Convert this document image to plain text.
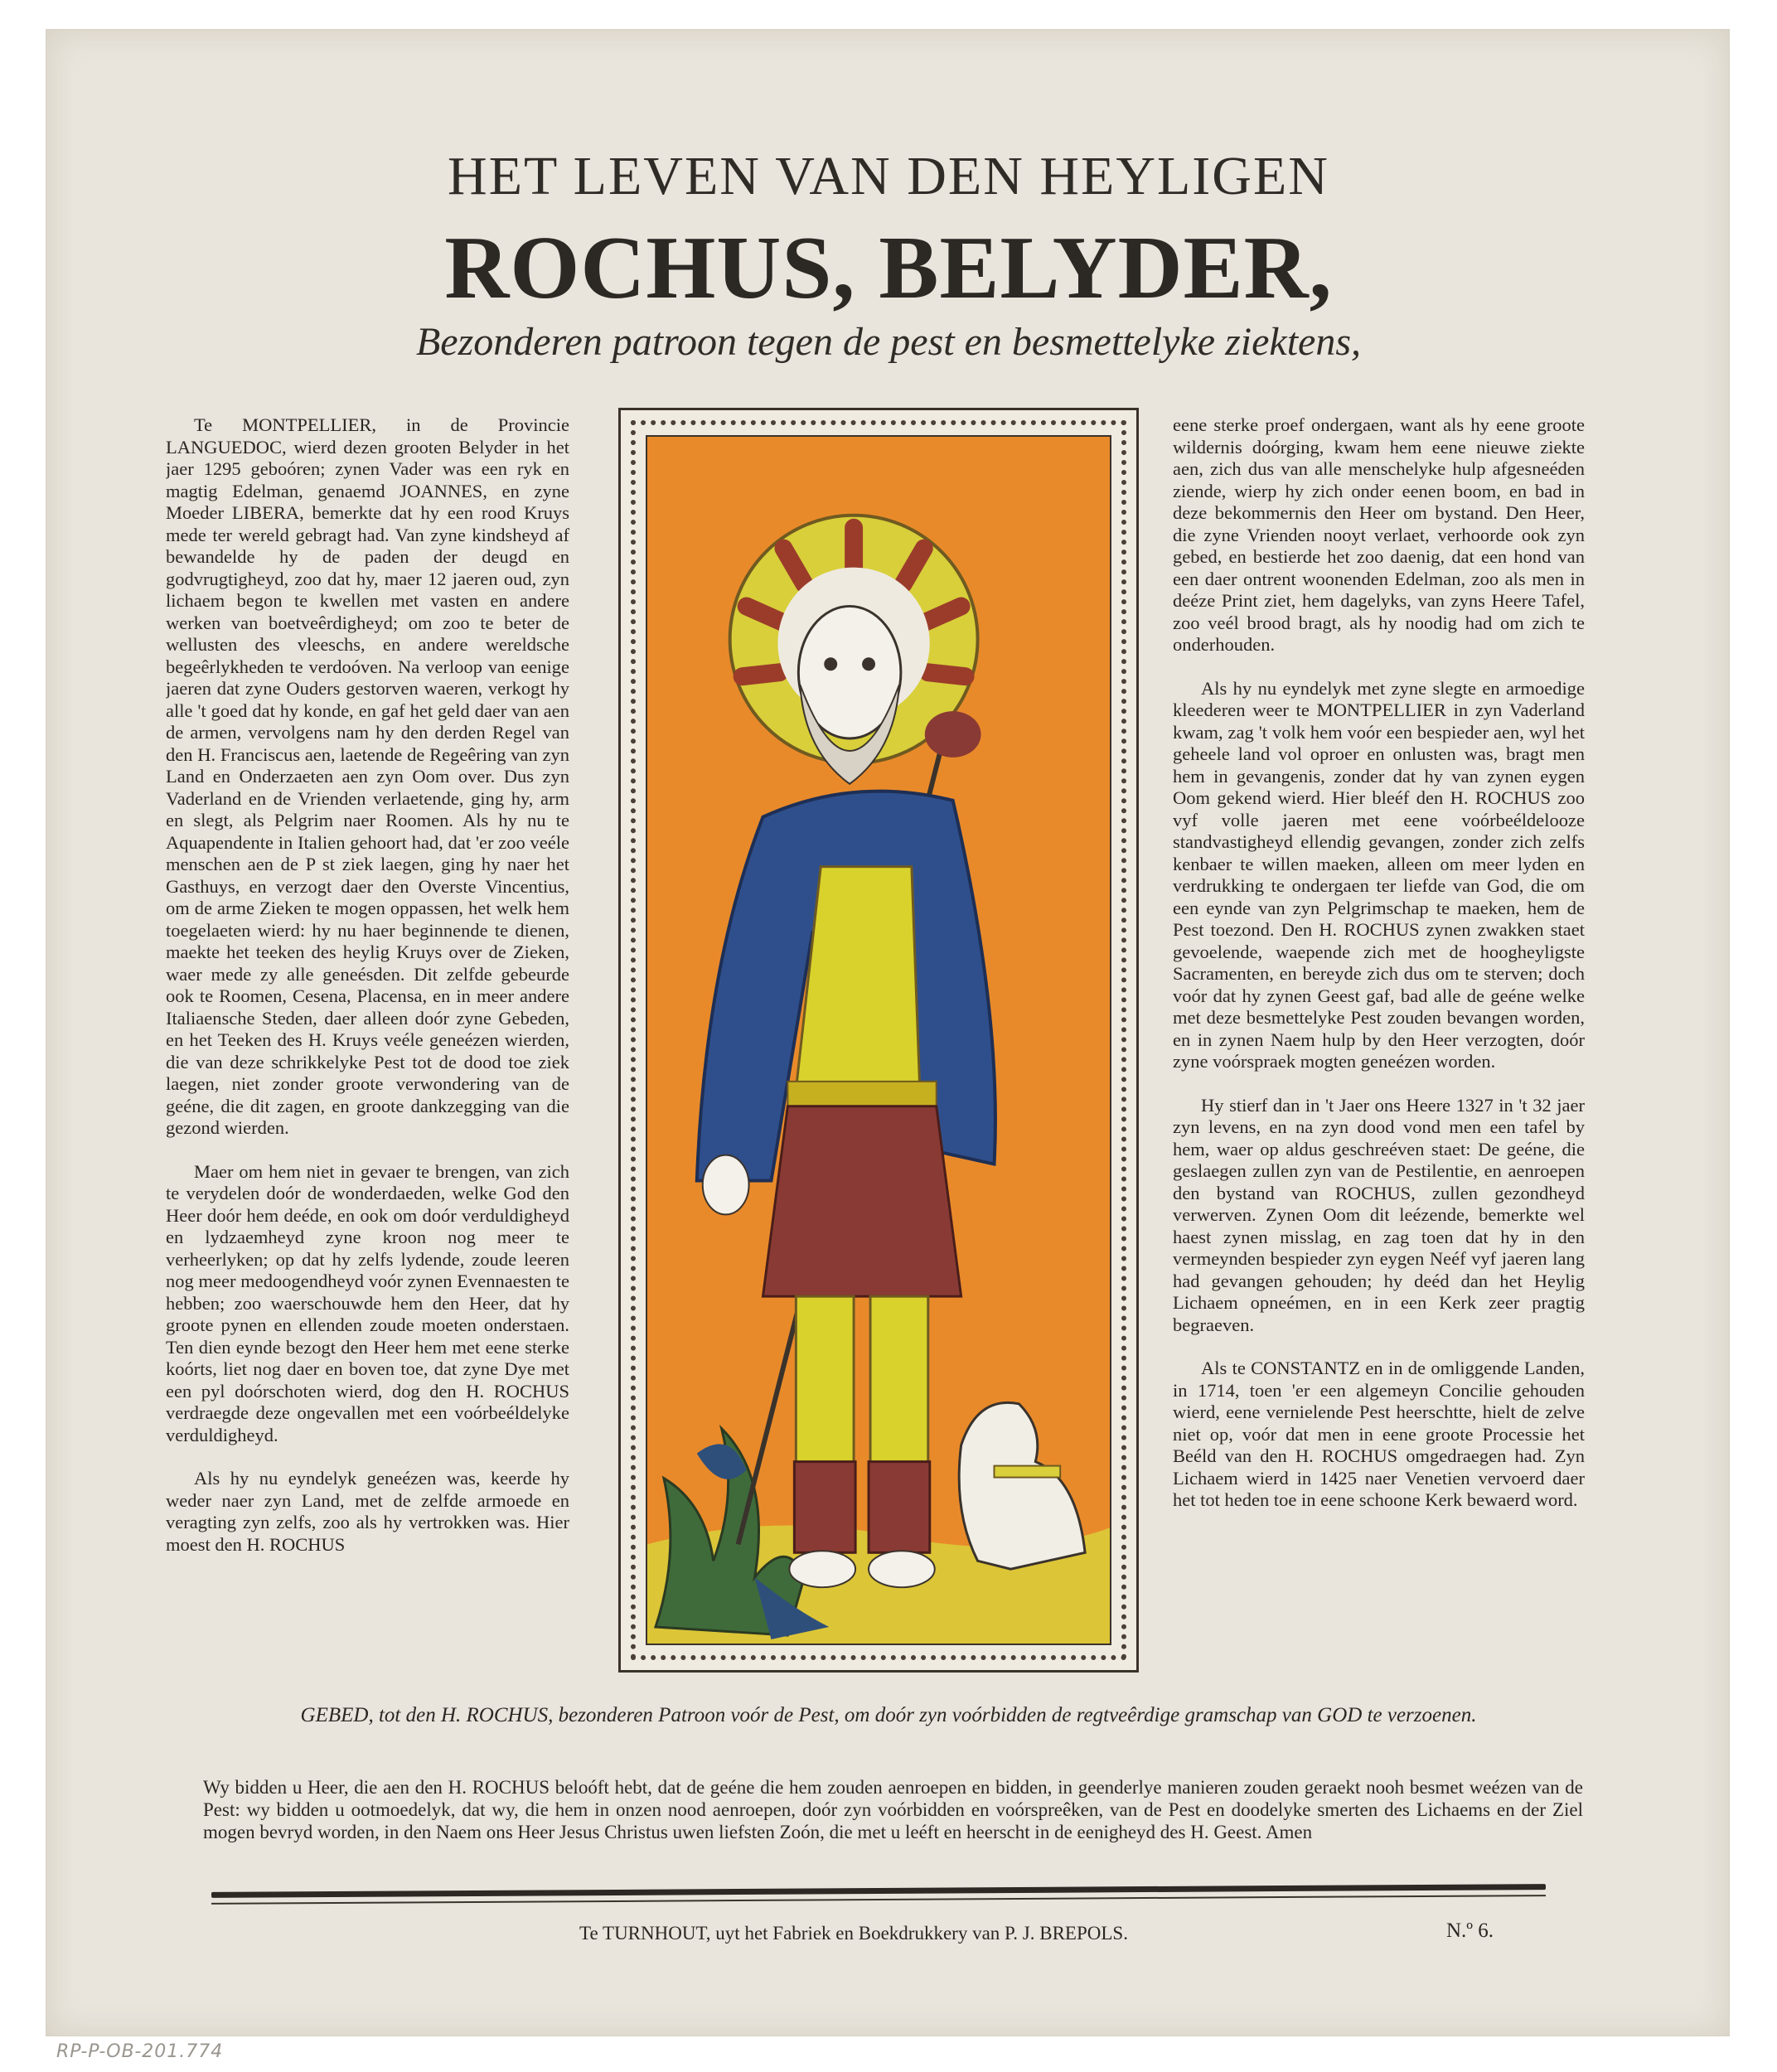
HET LEVEN VAN DEN HEYLIGEN
ROCHUS, BELYDER,
Bezonderen patroon tegen de pest en besmettelyke ziektens,

Te MONTPELLIER, in de Provincie LANGUEDOC, wierd dezen grooten Belyder in het jaer 1295 geboóren; zynen Vader was een ryk en magtig Edelman, genaemd JOANNES, en zyne Moeder LIBERA, bemerkte dat hy een rood Kruys mede ter wereld gebragt had. Van zyne kindsheyd af bewandelde hy de paden der deugd en godvrugtigheyd, zoo dat hy, maer 12 jaeren oud, zyn lichaem begon te kwellen met vasten en andere werken van boetveêrdigheyd; om zoo te beter de wellusten des vleeschs, en andere wereldsche begeêrlykheden te verdoóven. Na verloop van eenige jaeren dat zyne Ouders gestorven waeren, verkogt hy alle 't goed dat hy konde, en gaf het geld daer van aen de armen, vervolgens nam hy den derden Regel van den H. Franciscus aen, laetende de Regeêring van zyn Land en Onderzaeten aen zyn Oom over. Dus zyn Vaderland en de Vrienden verlaetende, ging hy, arm en slegt, als Pelgrim naer Roomen. Als hy nu te Aquapendente in Italien gehoort had, dat 'er zoo veéle menschen aen de P st ziek laegen, ging hy naer het Gasthuys, en verzogt daer den Overste Vincentius, om de arme Zieken te mogen oppassen, het welk hem toegelaeten wierd: hy nu haer beginnende te dienen, maekte het teeken des heylig Kruys over de Zieken, waer mede zy alle geneésden. Dit zelfde gebeurde ook te Roomen, Cesena, Placensa, en in meer andere Italiaensche Steden, daer alleen doór zyne Gebeden, en het Teeken des H. Kruys veéle geneézen wierden, die van deze schrikkelyke Pest tot de dood toe ziek laegen, niet zonder groote verwondering van de geéne, die dit zagen, en groote dankzegging van die gezond wierden.

Maer om hem niet in gevaer te brengen, van zich te verydelen doór de wonderdaeden, welke God den Heer doór hem deéde, en ook om doór verduldigheyd en lydzaemheyd zyne kroon nog meer te verheerlyken; op dat hy zelfs lydende, zoude leeren nog meer medoogendheyd voór zynen Evennaesten te hebben; zoo waerschouwde hem den Heer, dat hy groote pynen en ellenden zoude moeten onderstaen. Ten dien eynde bezogt den Heer hem met eene sterke koórts, liet nog daer en boven toe, dat zyne Dye met een pyl doórschoten wierd, dog den H. ROCHUS verdraegde deze ongevallen met een voórbeéldelyke verduldigheyd.

Als hy nu eyndelyk geneézen was, keerde hy weder naer zyn Land, met de zelfde armoede en veragting zyn zelfs, zoo als hy vertrokken was. Hier moest den H. ROCHUS

eene sterke proef ondergaen, want als hy eene groote wildernis doórging, kwam hem eene nieuwe ziekte aen, zich dus van alle menschelyke hulp afgesneéden ziende, wierp hy zich onder eenen boom, en bad in deze bekommernis den Heer om bystand. Den Heer, die zyne Vrienden nooyt verlaet, verhoorde ook zyn gebed, en bestierde het zoo daenig, dat een hond van een daer ontrent woonenden Edelman, zoo als men in deéze Print ziet, hem dagelyks, van zyns Heere Tafel, zoo veél brood bragt, als hy noodig had om zich te onderhouden.

Als hy nu eyndelyk met zyne slegte en armoedige kleederen weer te MONTPELLIER in zyn Vaderland kwam, zag 't volk hem voór een bespieder aen, wyl het geheele land vol oproer en onlusten was, bragt men hem in gevangenis, zonder dat hy van zynen eygen Oom gekend wierd. Hier bleéf den H. ROCHUS zoo vyf volle jaeren met eene voórbeéldelooze standvastigheyd ellendig gevangen, zonder zich zelfs kenbaer te willen maeken, alleen om meer lyden en verdrukking te ondergaen ter liefde van God, die om een eynde van zyn Pelgrimschap te maeken, hem de Pest toezond. Den H. ROCHUS zynen zwakken staet gevoelende, waepende zich met de hoogheyligste Sacramenten, en bereyde zich dus om te sterven; doch voór dat hy zynen Geest gaf, bad alle de geéne welke met deze besmettelyke Pest zouden bevangen worden, en in zynen Naem hulp by den Heer verzogten, doór zyne voórspraek mogten geneézen worden.

Hy stierf dan in 't Jaer ons Heere 1327 in 't 32 jaer zyn levens, en na zyn dood vond men een tafel by hem, waer op aldus geschreéven staet: De geéne, die geslaegen zullen zyn van de Pestilentie, en aenroepen den bystand van ROCHUS, zullen gezondheyd verwerven. Zynen Oom dit leézende, bemerkte wel haest zynen misslag, en zag toen dat hy in den vermeynden bespieder zyn eygen Neéf vyf jaeren lang had gevangen gehouden; hy deéd dan het Heylig Lichaem opneémen, en in een Kerk zeer pragtig begraeven.

Als te CONSTANTZ en in de omliggende Landen, in 1714, toen 'er een algemeyn Concilie gehouden wierd, eene vernielende Pest heerschtte, hielt de zelve niet op, voór dat men in eene groote Processie het Beéld van den H. ROCHUS omgedraegen had. Zyn Lichaem wierd in 1425 naer Venetien vervoerd daer het tot heden toe in eene schoone Kerk bewaerd word.

GEBED, tot den H. ROCHUS, bezonderen Patroon voór de Pest, om doór zyn voórbidden de regtveêrdige gramschap van GOD te verzoenen.
Wy bidden u Heer, die aen den H. ROCHUS beloóft hebt, dat de geéne die hem zouden aenroepen en bidden, in geenderlye manieren zouden geraekt nooh besmet weézen van de Pest: wy bidden u ootmoedelyk, dat wy, die hem in onzen nood aenroepen, doór zyn voórbidden en voórspreêken, van de Pest en doodelyke smerten des Lichaems en der Ziel mogen bevryd worden, in den Naem ons Heer Jesus Christus uwen liefsten Zoón, die met u leéft en heerscht in de eenigheyd des H. Geest. Amen
Te TURNHOUT, uyt het Fabriek en Boekdrukkery van P. J. BREPOLS.	N.º 6.
RP-P-OB-201.774
